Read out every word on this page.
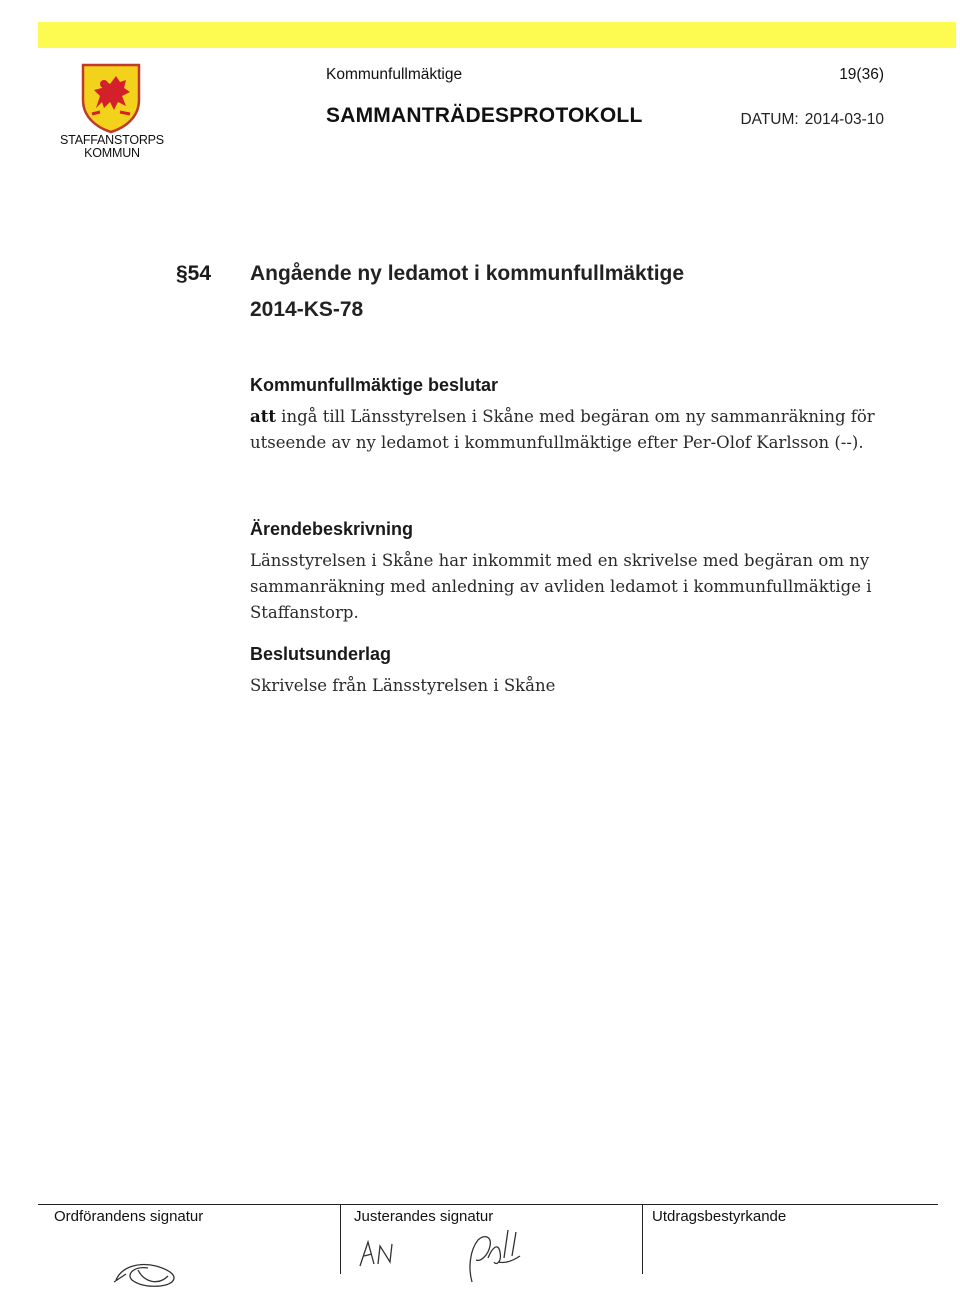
STAFFANSTORPS KOMMUN
Kommunfullmäktige	19(36)
SAMMANTRÄDESPROTOKOLL	DATUM: 2014-03-10
§54 Angående ny ledamot i kommunfullmäktige
2014-KS-78
Kommunfullmäktige beslutar
att ingå till Länsstyrelsen i Skåne med begäran om ny sammanräkning för utseende av ny ledamot i kommunfullmäktige efter Per-Olof Karlsson (--).
Ärendebeskrivning
Länsstyrelsen i Skåne har inkommit med en skrivelse med begäran om ny sammanräkning med anledning av avliden ledamot i kommunfullmäktige i Staffanstorp.
Beslutsunderlag
Skrivelse från Länsstyrelsen i Skåne
Ordförandens signatur	Justerandes signatur	Utdragsbestyrkande
